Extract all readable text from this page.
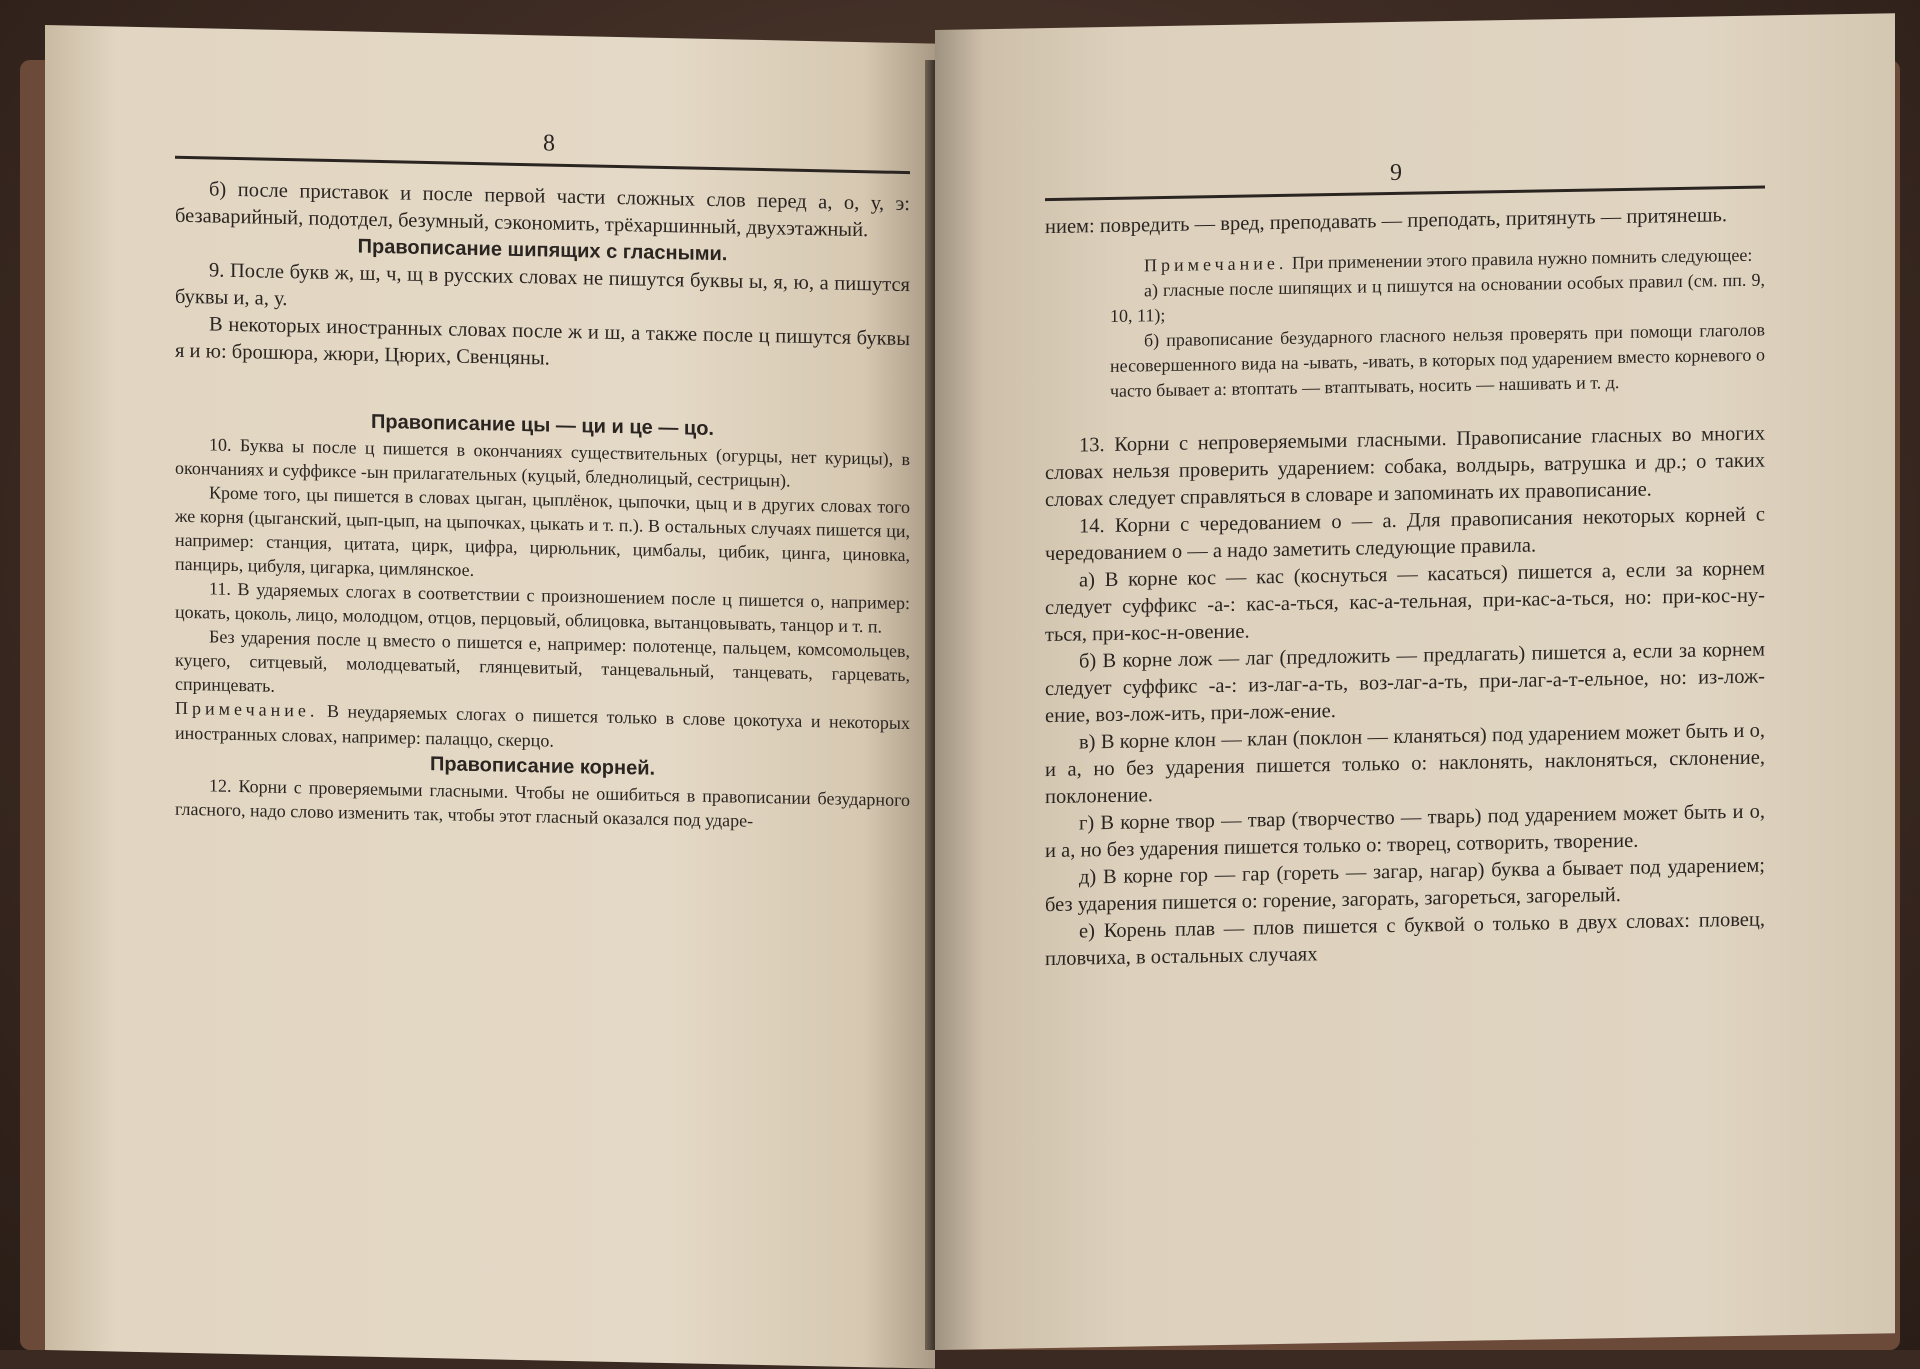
8

б) после приставок и после первой части сложных слов перед а, о, у, э: безаварийный, подотдел, безумный, сэкономить, трёхаршинный, двухэтажный.

Правописание шипящих с гласными.

9. После букв ж, ш, ч, щ в русских словах не пишутся буквы ы, я, ю, а пишутся буквы и, а, у.

В некоторых иностранных словах после ж и ш, а также после ц пишутся буквы я и ю: брошюра, жюри, Цюрих, Свенцяны.

Правописание цы — ци и це — цо.

10. Буква ы после ц пишется в окончаниях существительных (огурцы, нет курицы), в окончаниях и суффиксе -ын прилагательных (куцый, бледнолицый, сестрицын).

Кроме того, цы пишется в словах цыган, цыплёнок, цыпочки, цыц и в других словах того же корня (цыганский, цып-цып, на цыпочках, цыкать и т. п.). В остальных случаях пишется ци, например: станция, цитата, цирк, цифра, цирюльник, цимбалы, цибик, цинга, циновка, панцирь, цибуля, цигарка, цимлянское.

11. В ударяемых слогах в соответствии с произношением после ц пишется о, например: цокать, цоколь, лицо, молодцом, отцов, перцовый, облицовка, вытанцовывать, танцор и т. п.

Без ударения после ц вместо о пишется е, например: полотенце, пальцем, комсомольцев, куцего, ситцевый, молодцеватый, глянцевитый, танцевальный, танцевать, гарцевать, спринцевать.

Примечание. В неударяемых слогах о пишется только в слове цокотуха и некоторых иностранных словах, например: палаццо, скерцо.

Правописание корней.

12. Корни с проверяемыми гласными. Чтобы не ошибиться в правописании безударного гласного, надо слово изменить так, чтобы этот гласный оказался под ударе-

9

нием: повредить — вред, преподавать — преподать, притянуть — притянешь.

Примечание. При применении этого правила нужно помнить следующее:

а) гласные после шипящих и ц пишутся на основании особых правил (см. пп. 9, 10, 11);

б) правописание безударного гласного нельзя проверять при помощи глаголов несовершенного вида на -ывать, -ивать, в которых под ударением вместо корневого о часто бывает а: втоптать — втаптывать, носить — нашивать и т. д.

13. Корни с непроверяемыми гласными. Правописание гласных во многих словах нельзя проверить ударением: собака, волдырь, ватрушка и др.; о таких словах следует справляться в словаре и запоминать их правописание.

14. Корни с чередованием о — а. Для правописания некоторых корней с чередованием о — а надо заметить следующие правила.

а) В корне кос — кас (коснуться — касаться) пишется а, если за корнем следует суффикс -а-: кас-а-ться, кас-а-тельная, при-кас-а-ться, но: при-кос-ну-ться, при-кос-н-овение.

б) В корне лож — лаг (предложить — предлагать) пишется а, если за корнем следует суффикс -а-: из-лаг-а-ть, воз-лаг-а-ть, при-лаг-а-т-ельное, но: из-лож-ение, воз-лож-ить, при-лож-ение.

в) В корне клон — клан (поклон — кланяться) под ударением может быть и о, и а, но без ударения пишется только о: наклонять, наклоняться, склонение, поклонение.

г) В корне твор — твар (творчество — тварь) под ударением может быть и о, и а, но без ударения пишется только о: творец, сотворить, творение.

д) В корне гор — гар (гореть — загар, нагар) буква а бывает под ударением; без ударения пишется о: горение, загорать, загореться, загорелый.

е) Корень плав — плов пишется с буквой о только в двух словах: пловец, пловчиха, в остальных случаях
